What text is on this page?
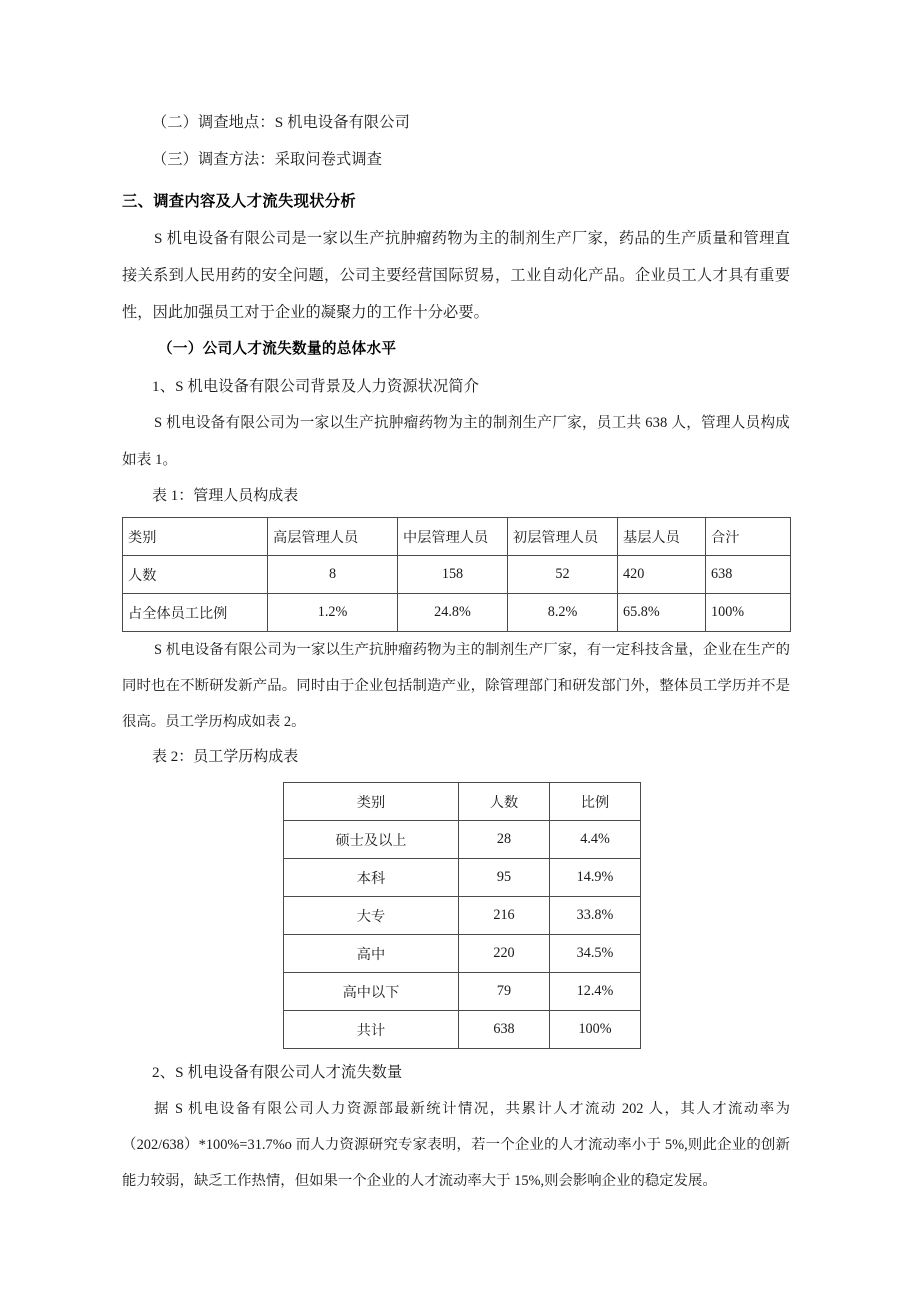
（二）调查地点：S 机电设备有限公司
（三）调查方法：采取问卷式调查
三、调查内容及人才流失现状分析

S 机电设备有限公司是一家以生产抗肿瘤药物为主的制剂生产厂家，药品的生产质量和管理直接关系到人民用药的安全问题，公司主要经营国际贸易，工业自动化产品。企业员工人才具有重要性，因此加强员工对于企业的凝聚力的工作十分必要。

（一）公司人才流失数量的总体水平
1、S 机电设备有限公司背景及人力资源状况简介

S 机电设备有限公司为一家以生产抗肿瘤药物为主的制剂生产厂家，员工共 638 人，管理人员构成如表 1。

表 1：管理人员构成表
类别	高层管理人员	中层管理人员	初层管理人员	基层人员	合汁
人数	8	158	52	420	638
占全体员工比例	1.2%	24.8%	8.2%	65.8%	100%

S 机电设备有限公司为一家以生产抗肿瘤药物为主的制剂生产厂家，有一定科技含量，企业在生产的同时也在不断研发新产品。同时由于企业包括制造产业，除管理部门和研发部门外，整体员工学历并不是很高。员工学历构成如表 2。

表 2：员工学历构成表
类别	人数	比例
硕士及以上	28	4.4%
本科	95	14.9%
大专	216	33.8%
高中	220	34.5%
高中以下	79	12.4%
共计	638	100%
2、S 机电设备有限公司人才流失数量

据 S 机电设备有限公司人力资源部最新统计情况，共累计人才流动 202 人，其人才流动率为（202/638）*100%=31.7%o 而人力资源研究专家表明，若一个企业的人才流动率小于 5%,则此企业的创新能力较弱，缺乏工作热情，但如果一个企业的人才流动率大于 15%,则会影响企业的稳定发展。
